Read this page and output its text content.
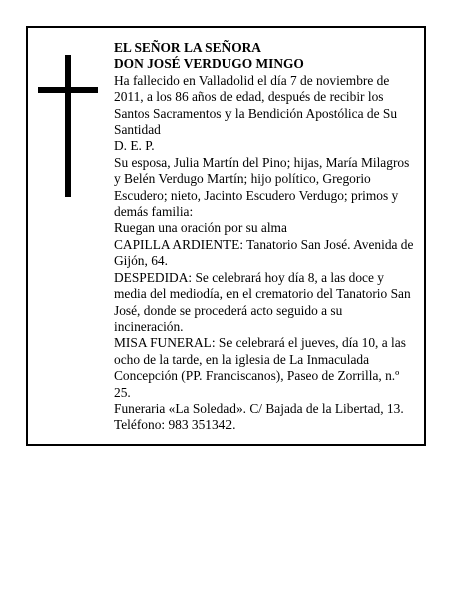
EL SEÑOR LA SEÑORA

DON JOSÉ VERDUGO MINGO

Ha fallecido en Valladolid el día 7 de noviembre de 2011, a los 86 años de edad, después de recibir los Santos Sacramentos y la Bendición Apostólica de Su Santidad

D. E. P.

Su esposa, Julia Martín del Pino; hijas, María Milagros y Belén Verdugo Martín; hijo político, Gregorio Escudero; nieto, Jacinto Escudero Verdugo; primos y demás familia:

Ruegan una oración por su alma

CAPILLA ARDIENTE: Tanatorio San José. Avenida de Gijón, 64.

DESPEDIDA: Se celebrará hoy día 8, a las doce y media del mediodía, en el crematorio del Tanatorio San José, donde se procederá acto seguido a su incineración.

MISA FUNERAL: Se celebrará el jueves, día 10, a las ocho de la tarde, en la iglesia de La Inmaculada Concepción (PP. Franciscanos), Paseo de Zorrilla, n.º 25.

Funeraria «La Soledad». C/ Bajada de la Libertad, 13. Teléfono: 983 351342.
